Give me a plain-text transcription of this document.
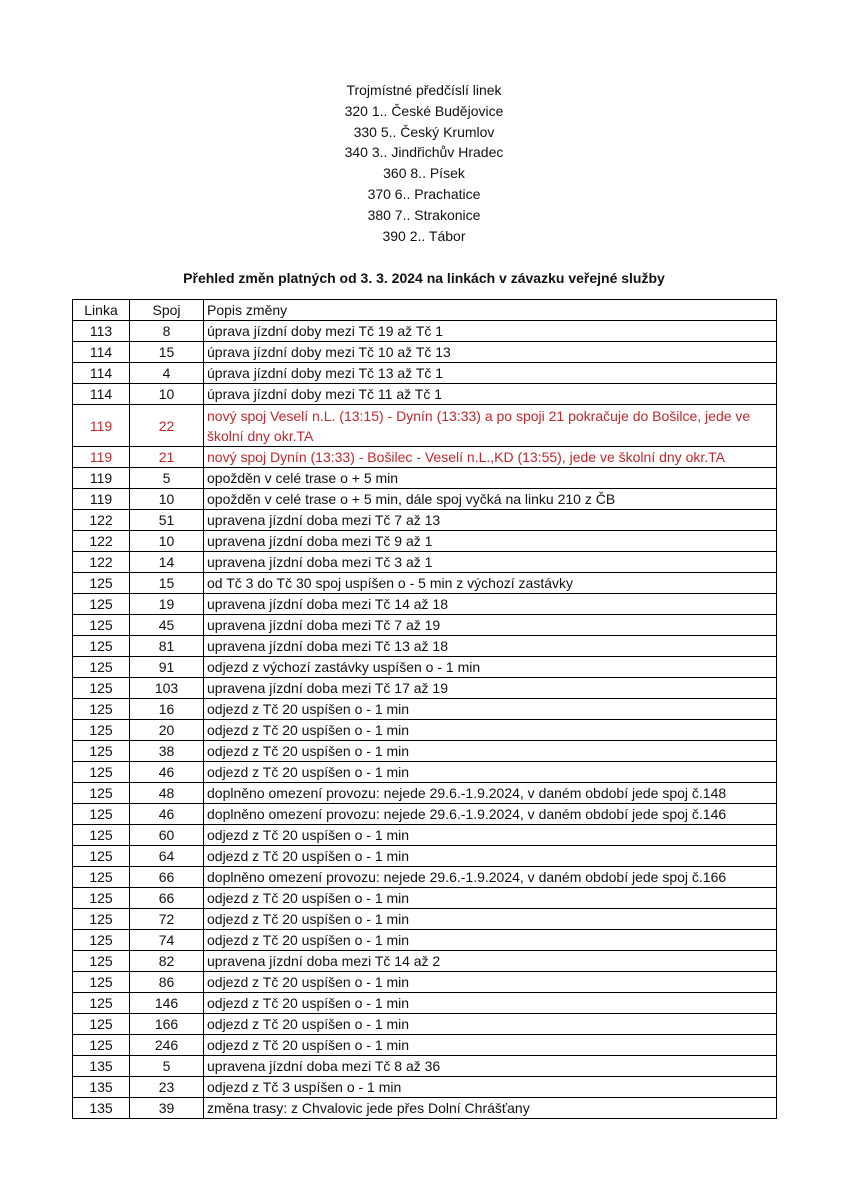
Trojmístné předčíslí linek
320 1.. České Budějovice
330 5.. Český Krumlov
340 3.. Jindřichův Hradec
360 8.. Písek
370 6.. Prachatice
380 7.. Strakonice
390 2.. Tábor
Přehled změn platných od 3. 3. 2024 na linkách v závazku veřejné služby
Linka	Spoj	Popis změny
113	8	úprava jízdní doby mezi Tč 19 až Tč 1
114	15	úprava jízdní doby mezi Tč 10 až Tč 13
114	4	úprava jízdní doby mezi Tč 13 až Tč 1
114	10	úprava jízdní doby mezi Tč 11 až Tč 1
119	22	nový spoj Veselí n.L. (13:15) - Dynín (13:33) a po spoji 21 pokračuje do Bošilce, jede ve školní dny okr.TA
119	21	nový spoj Dynín (13:33) - Bošilec - Veselí n.L.,KD (13:55), jede ve školní dny okr.TA
119	5	opožděn v celé trase o + 5 min
119	10	opožděn v celé trase o + 5 min, dále spoj vyčká na linku 210 z ČB
122	51	upravena jízdní doba mezi Tč 7 až 13
122	10	upravena jízdní doba mezi Tč 9 až 1
122	14	upravena jízdní doba mezi Tč 3 až 1
125	15	od Tč 3 do Tč 30 spoj uspíšen o - 5 min z výchozí zastávky
125	19	upravena jízdní doba mezi Tč 14 až 18
125	45	upravena jízdní doba mezi Tč 7 až 19
125	81	upravena jízdní doba mezi Tč 13 až 18
125	91	odjezd z výchozí zastávky uspíšen o - 1 min
125	103	upravena jízdní doba mezi Tč 17 až 19
125	16	odjezd z Tč 20 uspíšen o - 1 min
125	20	odjezd z Tč 20 uspíšen o - 1 min
125	38	odjezd z Tč 20 uspíšen o - 1 min
125	46	odjezd z Tč 20 uspíšen o - 1 min
125	48	doplněno omezení provozu: nejede 29.6.-1.9.2024, v daném období jede spoj č.148
125	46	doplněno omezení provozu: nejede 29.6.-1.9.2024, v daném období jede spoj č.146
125	60	odjezd z Tč 20 uspíšen o - 1 min
125	64	odjezd z Tč 20 uspíšen o - 1 min
125	66	doplněno omezení provozu: nejede 29.6.-1.9.2024, v daném období jede spoj č.166
125	66	odjezd z Tč 20 uspíšen o - 1 min
125	72	odjezd z Tč 20 uspíšen o - 1 min
125	74	odjezd z Tč 20 uspíšen o - 1 min
125	82	upravena jízdní doba mezi Tč 14 až 2
125	86	odjezd z Tč 20 uspíšen o - 1 min
125	146	odjezd z Tč 20 uspíšen o - 1 min
125	166	odjezd z Tč 20 uspíšen o - 1 min
125	246	odjezd z Tč 20 uspíšen o - 1 min
135	5	upravena jízdní doba mezi Tč 8 až 36
135	23	odjezd z Tč 3 uspíšen o - 1 min
135	39	změna trasy: z Chvalovic jede přes Dolní Chrášťany
